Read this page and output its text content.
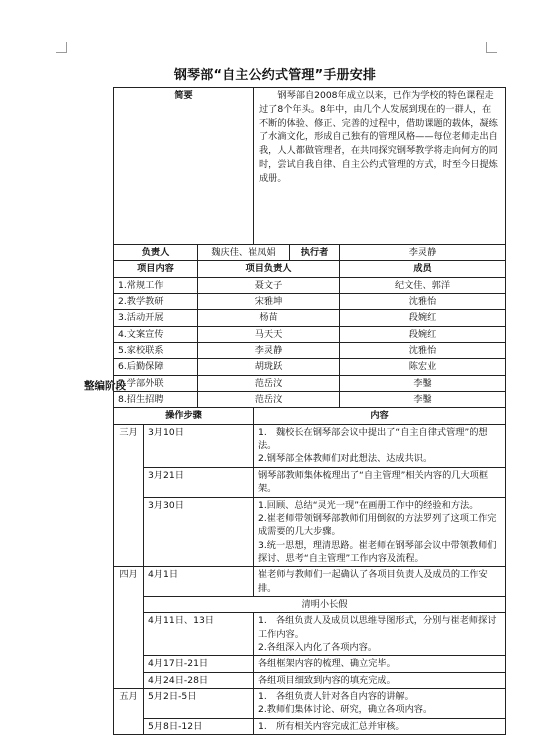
钢琴部“自主公约式管理”手册安排
整编阶段
简要			钢琴部自2008年成立以来，已作为学校的特色课程走过了8个年头。8年中，由几个人发展到现在的一群人，在不断的体验、修正、完善的过程中，借助课题的载体，凝练了水滴文化，形成自己独有的管理风格——每位老师走出自我，人人都做管理者，在共同探究钢琴教学将走向何方的同时，尝试自我自律、自主公约式管理的方式，时至今日提炼成册。		
负责人		魏庆佳、崔凤娟		执行者	李灵静
项目内容		项目负责人			成员
1.常规工作		聂文子			纪文佳、郭洋
2.教学教研		宋雅坤			沈雅怡
3.活动开展		杨苗			段婉红
4.文案宣传		马天天			段婉红
5.家校联系		李灵静			沈雅怡
6.后勤保障		胡珑跃			陈宏业
7.学部外联		范岳汶			李鑿
8.招生招聘		范岳汶			李鑿
操作步骤			内容		
三月	3月10日		1.　魏校长在钢琴部会议中提出了“自主自律式管理”的想法。
2.钢琴部全体教师们对此想法、达成共识。		

	3月21日		钢琴部教师集体梳理出了“自主管理”相关内容的几大项框架。		

	3月30日		1.回顾、总结“灵光一现”在画册工作中的经验和方法。
2.崔老师带领钢琴部教师们用倒叙的方法罗列了这项工作完成需要的几大步骤。
3.统一思想，理清思路。崔老师在钢琴部会议中带领教师们探讨、思考“自主管理”工作内容及流程。		

四月	4月1日		崔老师与教师们一起确认了各项目负责人及成员的工作安排。		

	清明小长假				
	4月11日、13日		1.　各组负责人及成员以思维导图形式，分别与崔老师探讨工作内容。
2.各组深入内化了各项内容。		

	4月17日-21日		各组框架内容的梳理、确立完毕。		

	4月24日-28日		各组项目细致到内容的填充完成。		

五月	5月2日-5日		1.　各组负责人针对各自内容的讲解。
2.教师们集体讨论、研究，确立各项内容。		

	5月8日-12日		1.　所有相关内容完成汇总并审核。		
